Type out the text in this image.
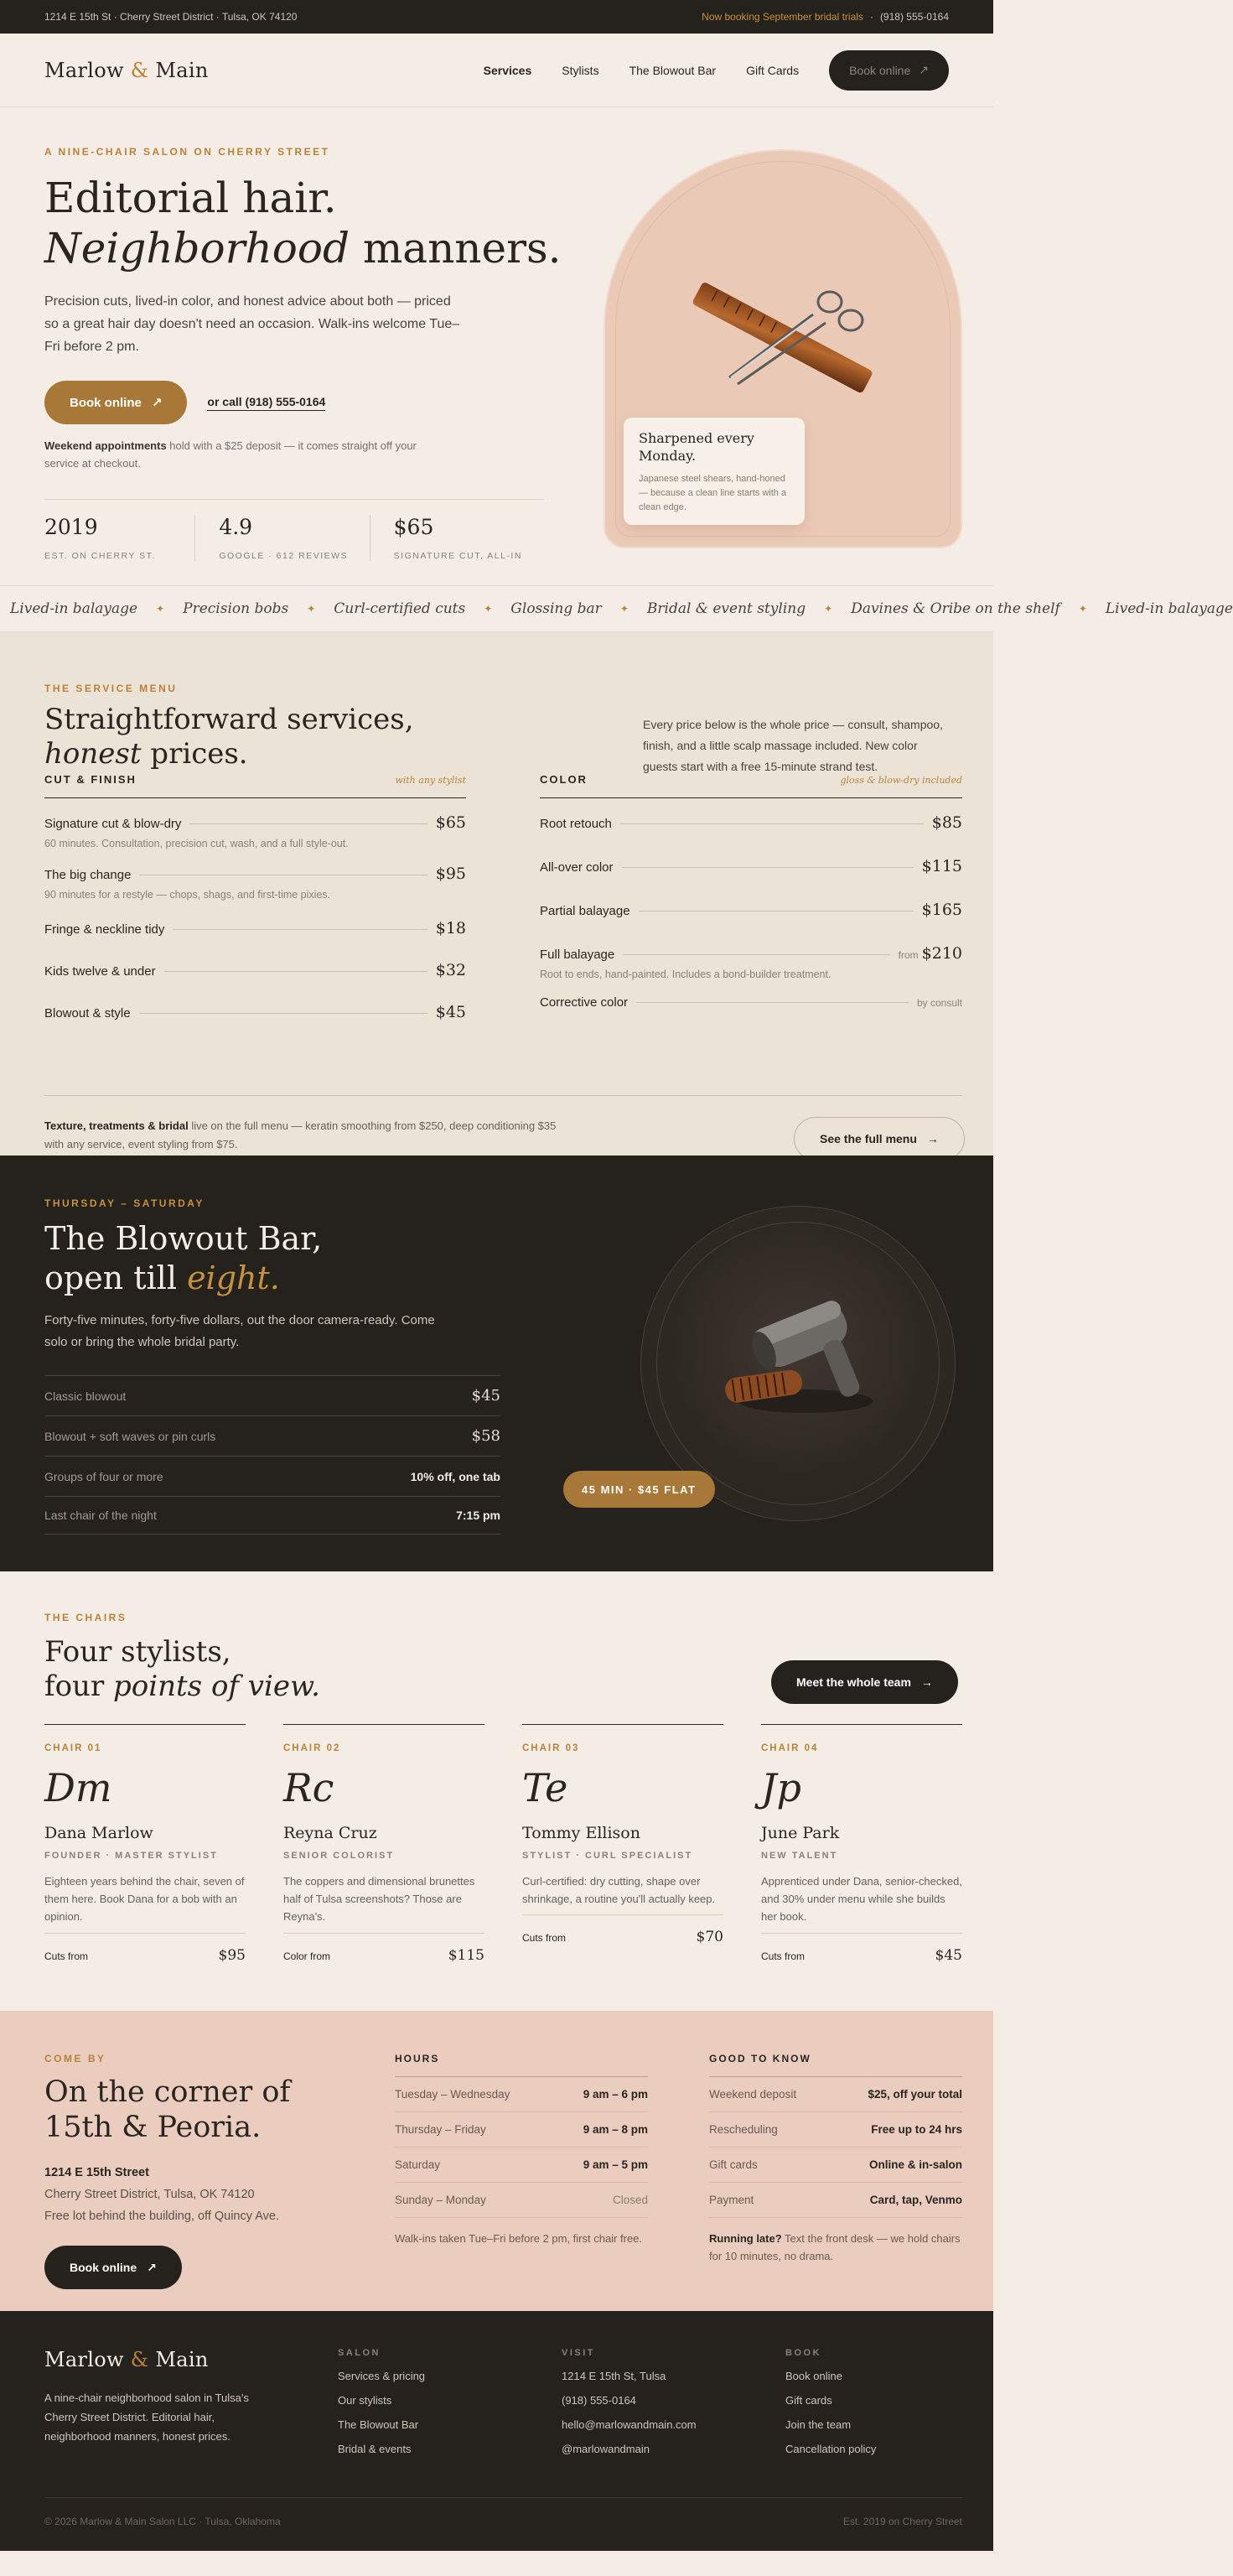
1214 E 15th St · Cherry Street District · Tulsa, OK 74120	Now booking September bridal trials · (918) 555-0164
Marlow & Main	Services	Stylists	The Blowout Bar	Gift Cards	Book online ↗
A NINE-CHAIR SALON ON CHERRY STREET
Editorial hair.
Neighborhood manners.

Precision cuts, lived-in color, and honest advice about both — priced so a great hair day doesn't need an occasion. Walk-ins welcome Tue–Fri before 2 pm.

Book online ↗	or call (918) 555-0164

Weekend appointments hold with a $25 deposit — it comes straight off your service at checkout.

2019
EST. ON CHERRY ST.
4.9
GOOGLE · 612 REVIEWS
$65
SIGNATURE CUT, ALL-IN
Sharpened every Monday.
Japanese steel shears, hand-honed — because a clean line starts with a clean edge.
Lived-in balayage ✦ Precision bobs ✦ Curl-certified cuts ✦ Glossing bar ✦ Bridal & event styling ✦ Davines & Oribe on the shelf ✦ Lived-in balayage
THE SERVICE MENU
Straightforward services,
honest prices.

Every price below is the whole price — consult, shampoo, finish, and a little scalp massage included. New color guests start with a free 15-minute strand test.

CUT & FINISH	with any stylist
Signature cut & blow-dry	$65
60 minutes. Consultation, precision cut, wash, and a full style-out.
The big change	$95
90 minutes for a restyle — chops, shags, and first-time pixies.
Fringe & neckline tidy	$18
Kids twelve & under	$32
Blowout & style	$45
COLOR	gloss & blow-dry included
Root retouch	$85
All-over color	$115
Partial balayage	$165
Full balayage	from $210
Root to ends, hand-painted. Includes a bond-builder treatment.
Corrective color	by consult

Texture, treatments & bridal live on the full menu — keratin smoothing from $250, deep conditioning $35 with any service, event styling from $75.	See the full menu →
THURSDAY – SATURDAY
The Blowout Bar,
open till eight.

Forty-five minutes, forty-five dollars, out the door camera-ready. Come solo or bring the whole bridal party.

Classic blowout	$45
Blowout + soft waves or pin curls	$58
Groups of four or more	10% off, one tab
Last chair of the night	7:15 pm
45 MIN · $45 FLAT
THE CHAIRS
Four stylists,
four points of view.	Meet the whole team →
CHAIR 01
Dm
Dana Marlow
FOUNDER · MASTER STYLIST
Eighteen years behind the chair, seven of them here. Book Dana for a bob with an opinion.
Cuts from	$95
CHAIR 02
Rc
Reyna Cruz
SENIOR COLORIST
The coppers and dimensional brunettes half of Tulsa screenshots? Those are Reyna's.
Color from	$115
CHAIR 03
Te
Tommy Ellison
STYLIST · CURL SPECIALIST
Curl-certified: dry cutting, shape over shrinkage, a routine you'll actually keep.
Cuts from	$70
CHAIR 04
Jp
June Park
NEW TALENT
Apprenticed under Dana, senior-checked, and 30% under menu while she builds her book.
Cuts from	$45
COME BY
On the corner of
15th & Peoria.
1214 E 15th Street
Cherry Street District, Tulsa, OK 74120
Free lot behind the building, off Quincy Ave.
Book online ↗
HOURS
Tuesday – Wednesday	9 am – 6 pm
Thursday – Friday	9 am – 8 pm
Saturday	9 am – 5 pm
Sunday – Monday	Closed
Walk-ins taken Tue–Fri before 2 pm, first chair free.
GOOD TO KNOW
Weekend deposit	$25, off your total
Rescheduling	Free up to 24 hrs
Gift cards	Online & in-salon
Payment	Card, tap, Venmo
Running late? Text the front desk — we hold chairs for 10 minutes, no drama.
Marlow & Main

A nine-chair neighborhood salon in Tulsa's Cherry Street District. Editorial hair, neighborhood manners, honest prices.

SALON
Services & pricing
Our stylists
The Blowout Bar
Bridal & events
VISIT
1214 E 15th St, Tulsa
(918) 555-0164
hello@marlowandmain.com
@marlowandmain
BOOK
Book online
Gift cards
Join the team
Cancellation policy
© 2026 Marlow & Main Salon LLC · Tulsa, Oklahoma	Est. 2019 on Cherry Street
